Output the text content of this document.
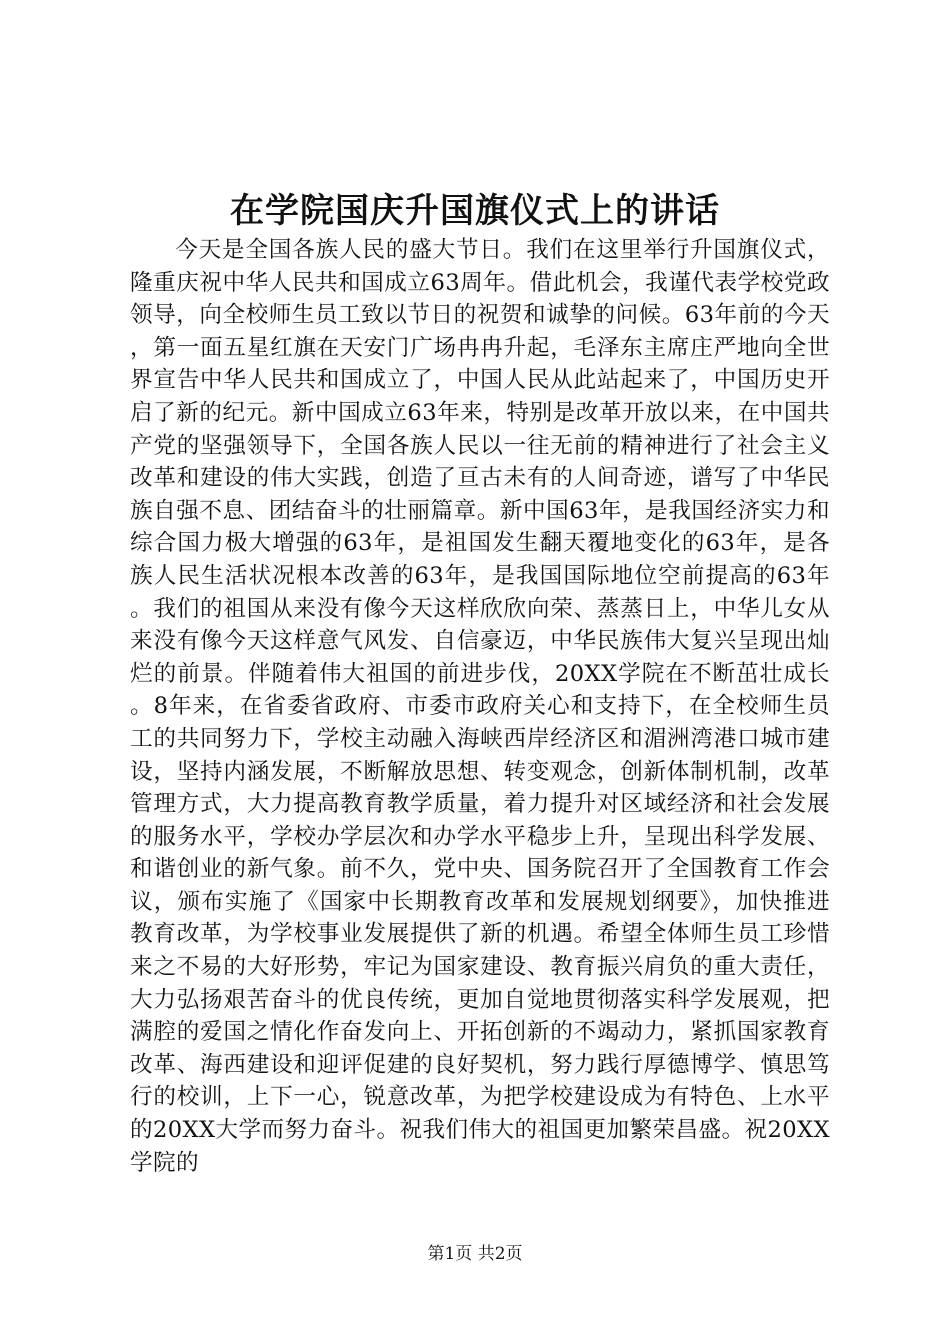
在学院国庆升国旗仪式上的讲话

今天是全国各族人民的盛大节日。我们在这里举行升国旗仪式，隆重庆祝中华人民共和国成立63周年。借此机会，我谨代表学校党政领导，向全校师生员工致以节日的祝贺和诚挚的问候。63年前的今天，第一面五星红旗在天安门广场冉冉升起，毛泽东主席庄严地向全世界宣告中华人民共和国成立了，中国人民从此站起来了，中国历史开启了新的纪元。新中国成立63年来，特别是改革开放以来，在中国共产党的坚强领导下，全国各族人民以一往无前的精神进行了社会主义改革和建设的伟大实践，创造了亘古未有的人间奇迹，谱写了中华民族自强不息、团结奋斗的壮丽篇章。新中国63年，是我国经济实力和综合国力极大增强的63年，是祖国发生翻天覆地变化的63年，是各族人民生活状况根本改善的63年，是我国国际地位空前提高的63年。我们的祖国从来没有像今天这样欣欣向荣、蒸蒸日上，中华儿女从来没有像今天这样意气风发、自信豪迈，中华民族伟大复兴呈现出灿烂的前景。伴随着伟大祖国的前进步伐，20XX学院在不断茁壮成长。8年来，在省委省政府、市委市政府关心和支持下，在全校师生员工的共同努力下，学校主动融入海峡西岸经济区和湄洲湾港口城市建设，坚持内涵发展，不断解放思想、转变观念，创新体制机制，改革管理方式，大力提高教育教学质量，着力提升对区域经济和社会发展的服务水平，学校办学层次和办学水平稳步上升，呈现出科学发展、和谐创业的新气象。前不久，党中央、国务院召开了全国教育工作会议，颁布实施了《国家中长期教育改革和发展规划纲要》，加快推进教育改革，为学校事业发展提供了新的机遇。希望全体师生员工珍惜来之不易的大好形势，牢记为国家建设、教育振兴肩负的重大责任，大力弘扬艰苦奋斗的优良传统，更加自觉地贯彻落实科学发展观，把满腔的爱国之情化作奋发向上、开拓创新的不竭动力，紧抓国家教育改革、海西建设和迎评促建的良好契机，努力践行厚德博学、慎思笃行的校训，上下一心，锐意改革，为把学校建设成为有特色、上水平的20XX大学而努力奋斗。祝我们伟大的祖国更加繁荣昌盛。祝20XX学院的

第1页 共2页
